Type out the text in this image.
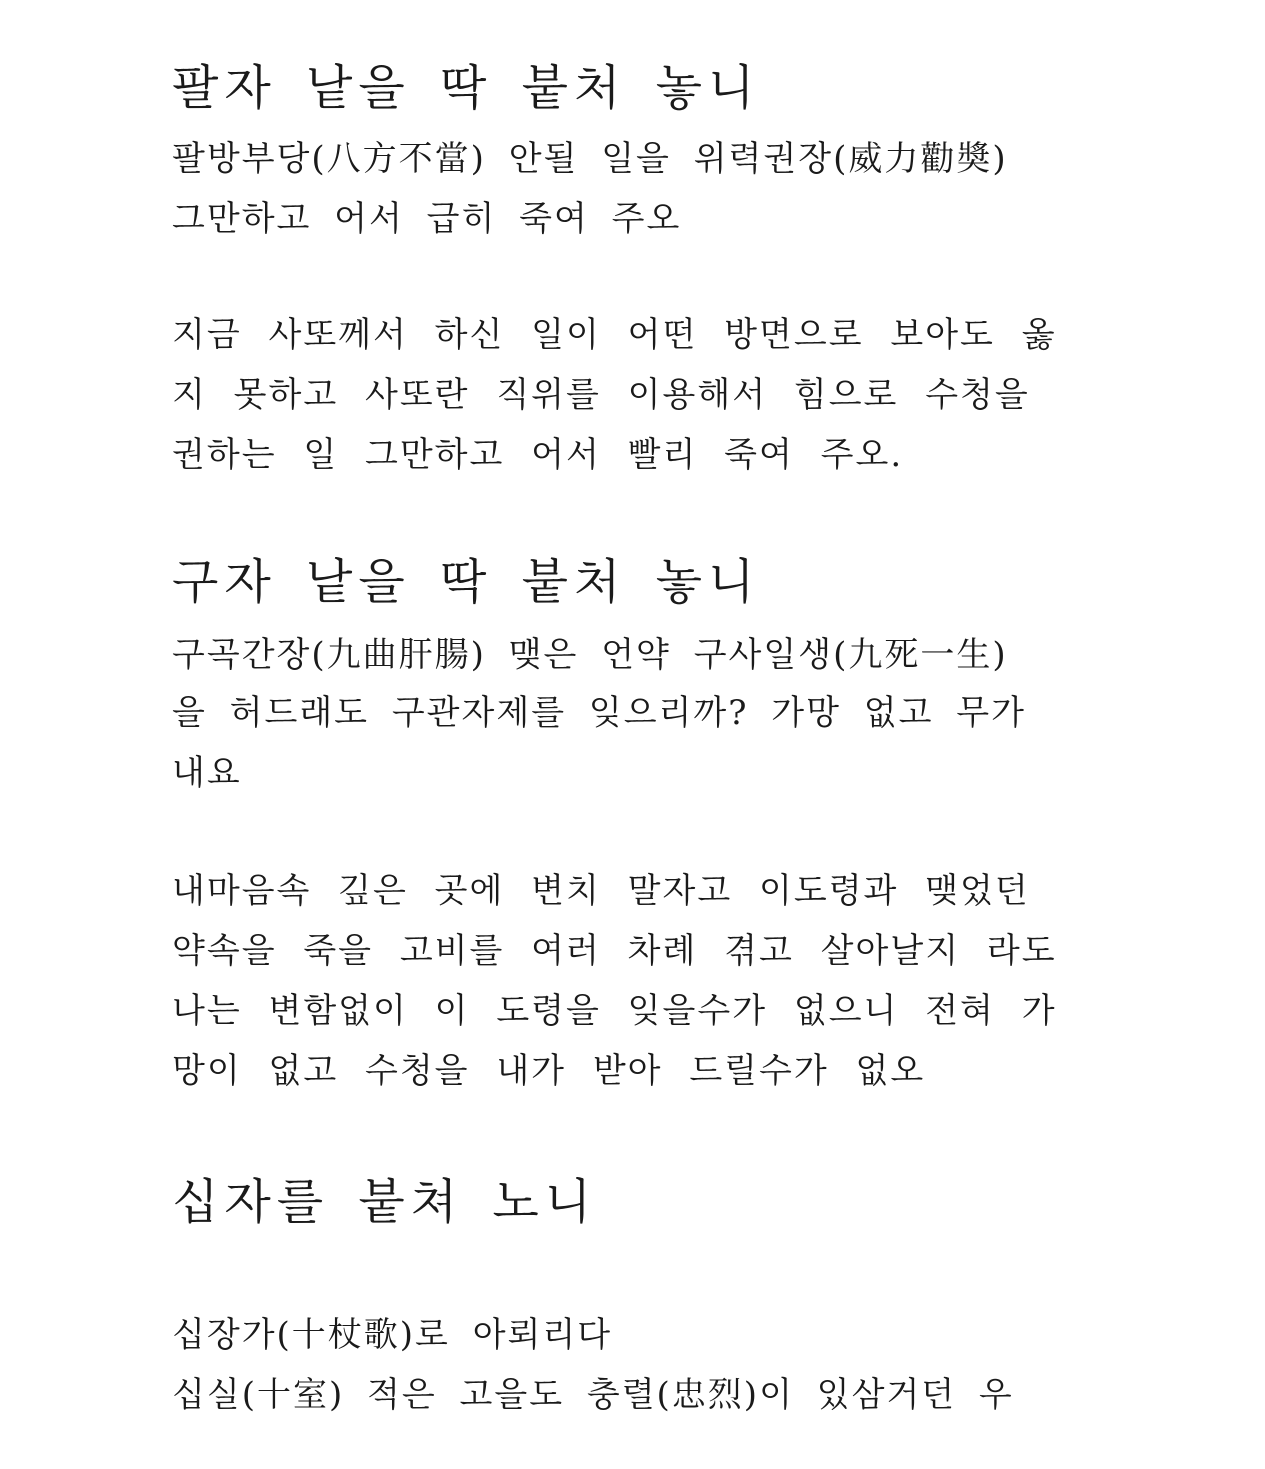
팔자 낱을 딱 붙처 놓니
팔방부당(八方不當) 안될 일을 위력권장(威力勸奬)
그만하고 어서 급히 죽여 주오
지금 사또께서 하신 일이 어떤 방면으로 보아도 옳
지 못하고 사또란 직위를 이용해서 힘으로 수청을
권하는 일 그만하고 어서 빨리 죽여 주오.
구자 낱을 딱 붙처 놓니
구곡간장(九曲肝腸) 맺은 언약 구사일생(九死一生)
을 허드래도 구관자제를 잊으리까? 가망 없고 무가
내요
내마음속 깊은 곳에 변치 말자고 이도령과 맺었던
약속을 죽을 고비를 여러 차례 겪고 살아날지 라도
나는 변함없이 이 도령을 잊을수가 없으니 전혀 가
망이 없고 수청을 내가 받아 드릴수가 없오
십자를 붙쳐 노니
십장가(十杖歌)로 아뢰리다
십실(十室) 적은 고을도 충렬(忠烈)이 있삼거던 우
